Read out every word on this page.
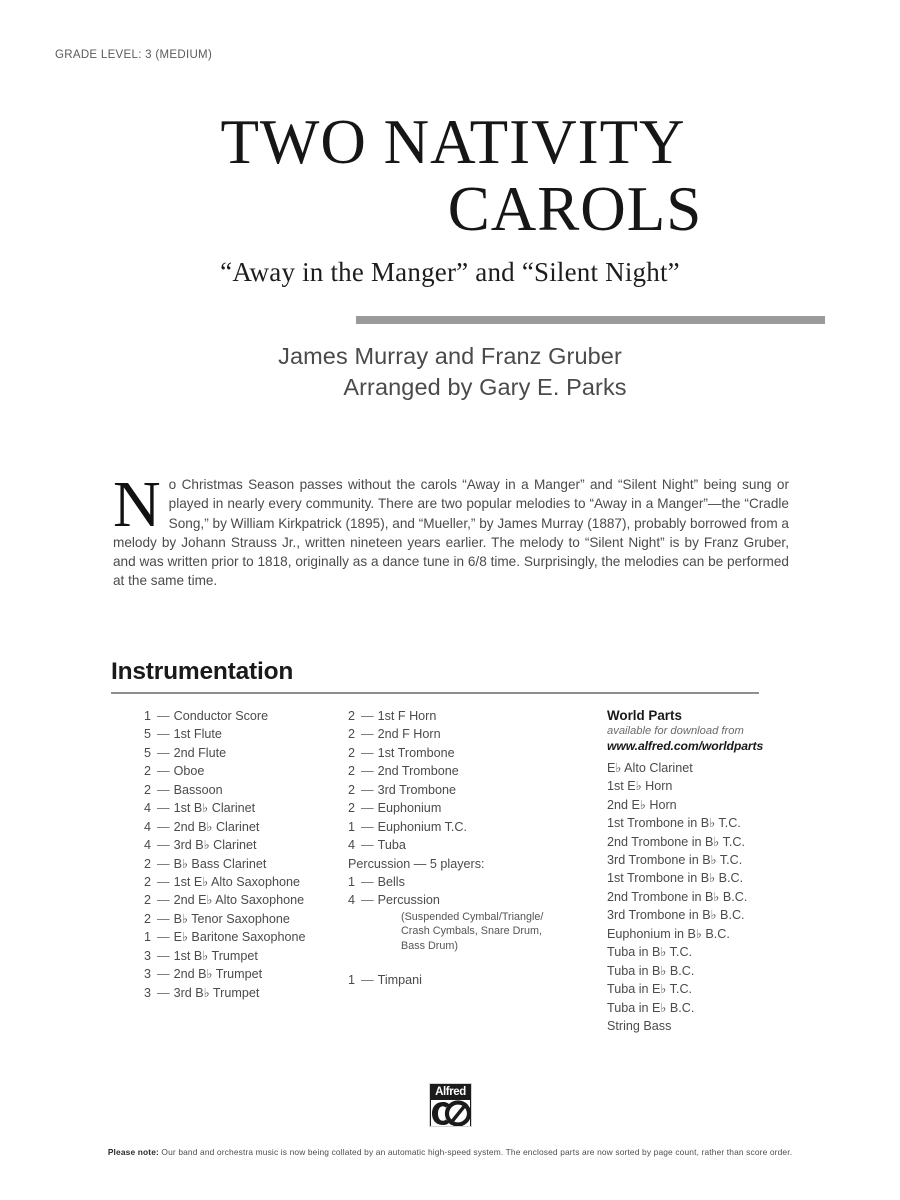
GRADE LEVEL: 3 (MEDIUM)
TWO NATIVITY
CAROLS
“Away in the Manger” and “Silent Night”
James Murray and Franz Gruber
Arranged by Gary E. Parks
No Christmas Season passes without the carols “Away in a Manger” and “Silent Night” being sung or played in nearly every community. There are two popular melodies to “Away in a Manger”—the “Cradle Song,” by William Kirkpatrick (1895), and “Mueller,” by James Murray (1887), probably borrowed from a melody by Johann Strauss Jr., written nineteen years earlier. The melody to “Silent Night” is by Franz Gruber, and was written prior to 1818, originally as a dance tune in 6/8 time. Surprisingly, the melodies can be performed at the same time.
Instrumentation
1 — Conductor Score
5 — 1st Flute
5 — 2nd Flute
2 — Oboe
2 — Bassoon
4 — 1st B♭ Clarinet
4 — 2nd B♭ Clarinet
4 — 3rd B♭ Clarinet
2 — B♭ Bass Clarinet
2 — 1st E♭ Alto Saxophone
2 — 2nd E♭ Alto Saxophone
2 — B♭ Tenor Saxophone
1 — E♭ Baritone Saxophone
3 — 1st B♭ Trumpet
3 — 2nd B♭ Trumpet
3 — 3rd B♭ Trumpet
2 — 1st F Horn
2 — 2nd F Horn
2 — 1st Trombone
2 — 2nd Trombone
2 — 3rd Trombone
2 — Euphonium
1 — Euphonium T.C.
4 — Tuba
Percussion — 5 players:
1 — Bells
4 — Percussion
(Suspended Cymbal/Triangle/
Crash Cymbals, Snare Drum,
Bass Drum)
1 — Timpani
World Parts
available for download from
www.alfred.com/worldparts
E♭ Alto Clarinet
1st E♭ Horn
2nd E♭ Horn
1st Trombone in B♭ T.C.
2nd Trombone in B♭ T.C.
3rd Trombone in B♭ T.C.
1st Trombone in B♭ B.C.
2nd Trombone in B♭ B.C.
3rd Trombone in B♭ B.C.
Euphonium in B♭ B.C.
Tuba in B♭ T.C.
Tuba in B♭ B.C.
Tuba in E♭ T.C.
Tuba in E♭ B.C.
String Bass
Alfred
Please note: Our band and orchestra music is now being collated by an automatic high-speed system. The enclosed parts are now sorted by page count, rather than score order.
